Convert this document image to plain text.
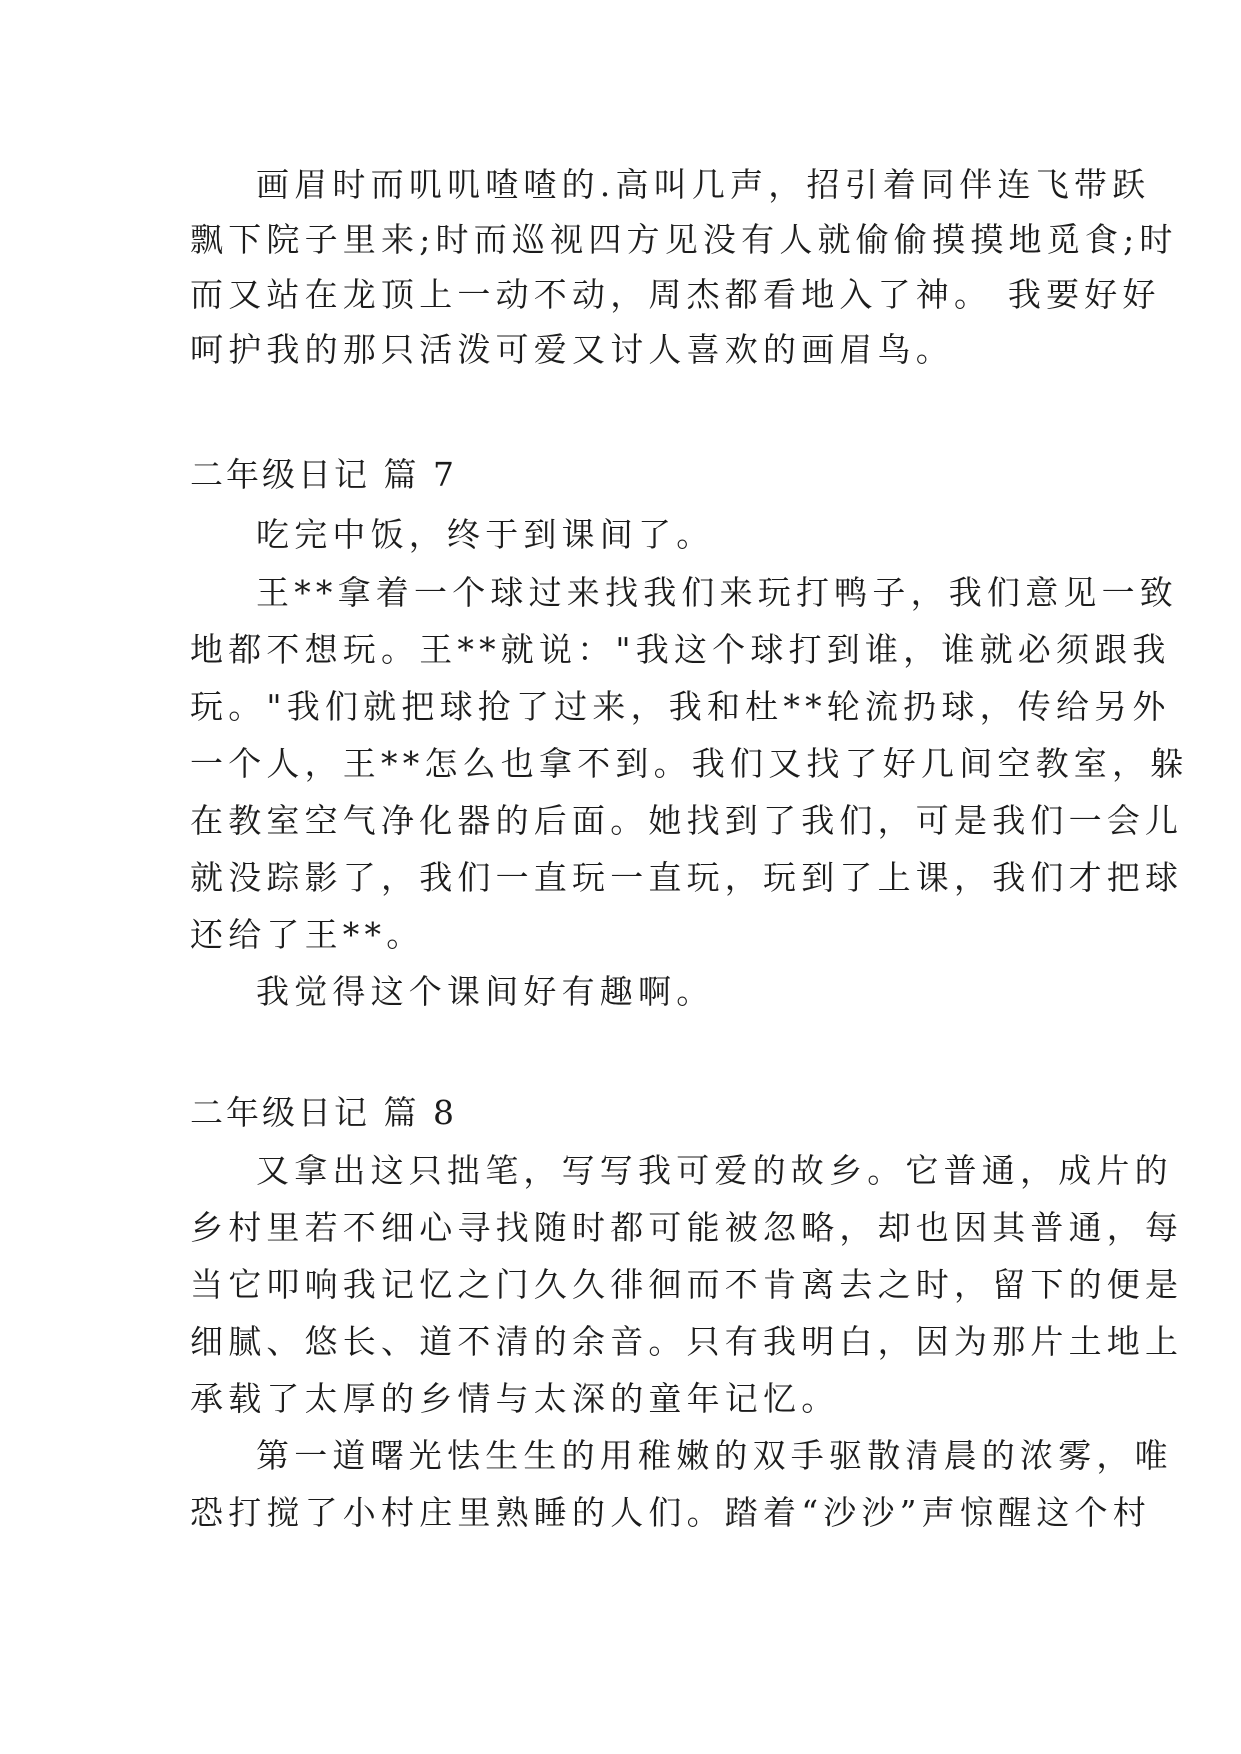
画眉时而叽叽喳喳的.高叫几声，招引着同伴连飞带跃

飘下院子里来;时而巡视四方见没有人就偷偷摸摸地觅食;时

而又站在龙顶上一动不动，周杰都看地入了神。 我要好好

呵护我的那只活泼可爱又讨人喜欢的画眉鸟。

二年级日记 篇 7

吃完中饭，终于到课间了。

王**拿着一个球过来找我们来玩打鸭子，我们意见一致

地都不想玩。王**就说："我这个球打到谁，谁就必须跟我

玩。"我们就把球抢了过来，我和杜**轮流扔球，传给另外

一个人，王**怎么也拿不到。我们又找了好几间空教室，躲

在教室空气净化器的后面。她找到了我们，可是我们一会儿

就没踪影了，我们一直玩一直玩，玩到了上课，我们才把球

还给了王**。

我觉得这个课间好有趣啊。

二年级日记 篇 8

又拿出这只拙笔，写写我可爱的故乡。它普通，成片的

乡村里若不细心寻找随时都可能被忽略，却也因其普通，每

当它叩响我记忆之门久久徘徊而不肯离去之时，留下的便是

细腻、悠长、道不清的余音。只有我明白，因为那片土地上

承载了太厚的乡情与太深的童年记忆。

第一道曙光怯生生的用稚嫩的双手驱散清晨的浓雾，唯

恐打搅了小村庄里熟睡的人们。踏着“沙沙”声惊醒这个村
